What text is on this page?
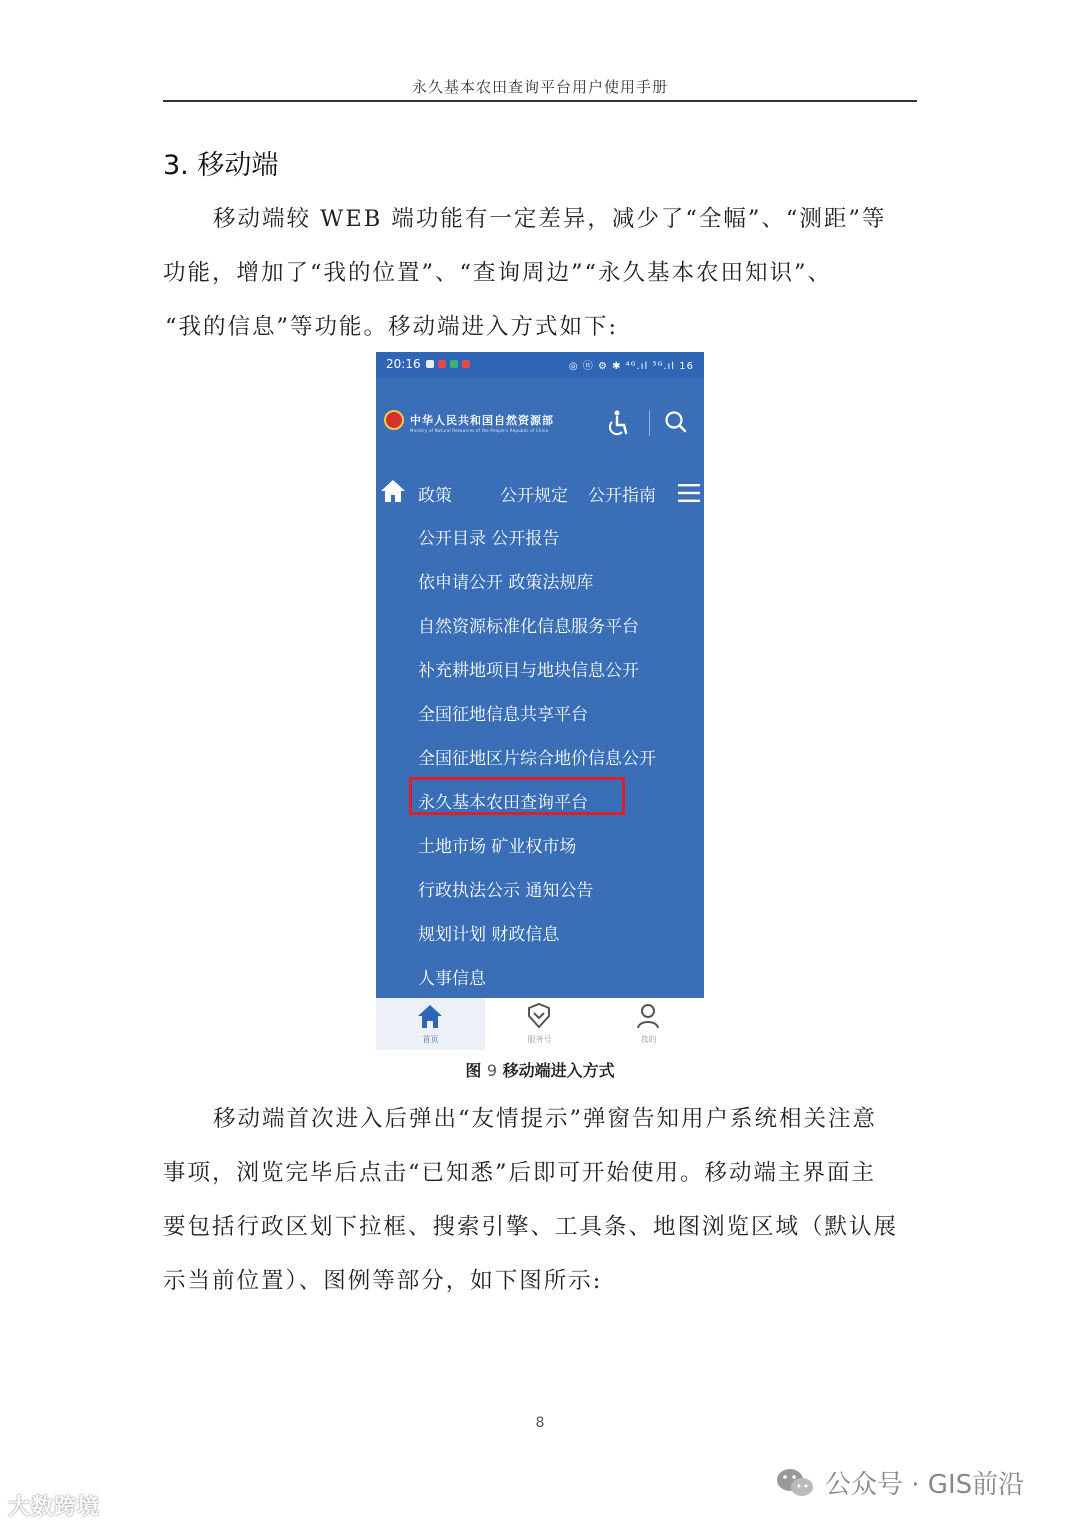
永久基本农田查询平台用户使用手册
3. 移动端

移动端较 WEB 端功能有一定差异，减少了“全幅”、“测距”等
功能，增加了“我的位置”、“查询周边”“永久基本农田知识”、
“我的信息”等功能。移动端进入方式如下:

20:16	◎ ⓝ ⚙ ✱ ⁴ᴳ.ıl ⁵ᴳ.ıl 16
中华人民共和国自然资源部
Ministry of Natural Resources of the People's Republic of China
政策	公开规定 公开指南
公开目录 公开报告
依申请公开 政策法规库
自然资源标准化信息服务平台
补充耕地项目与地块信息公开
全国征地信息共享平台
全国征地区片综合地价信息公开
永久基本农田查询平台
土地市场 矿业权市场
行政执法公示 通知公告
规划计划 财政信息
人事信息
首页	服务号	我的
图 9 移动端进入方式

移动端首次进入后弹出“友情提示”弹窗告知用户系统相关注意
事项，浏览完毕后点击“已知悉”后即可开始使用。移动端主界面主
要包括行政区划下拉框、搜索引擎、工具条、地图浏览区域（默认展
示当前位置）、图例等部分，如下图所示:

8
大数跨境
公众号 · GIS前沿
